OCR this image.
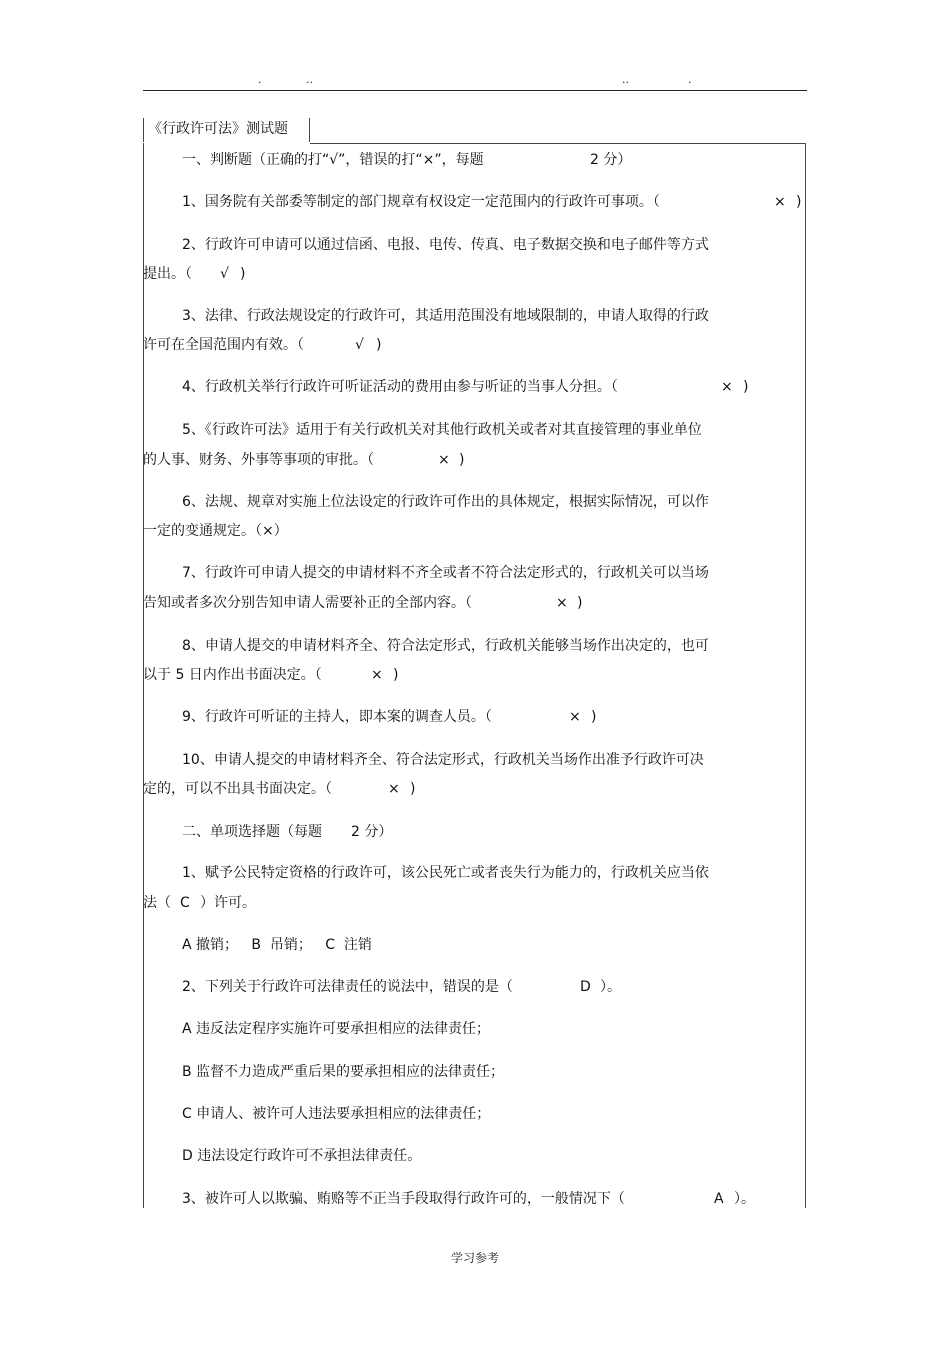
.	..	..	.
《行政许可法》测试题
一、判断题（正确的打“√”，错误的打“×”，每题	2 分）
1、国务院有关部委等制定的部门规章有权设定一定范围内的行政许可事项。（	× )
2、行政许可申请可以通过信函、电报、电传、传真、电子数据交换和电子邮件等方式
提出。（ √ )
3、法律、行政法规设定的行政许可，其适用范围没有地域限制的，申请人取得的行政
许可在全国范围内有效。（	√ )
4、行政机关举行行政许可听证活动的费用由参与听证的当事人分担。（	× )
5、《行政许可法》适用于有关行政机关对其他行政机关或者对其直接管理的事业单位
的人事、财务、外事等事项的审批。（	× )
6、法规、规章对实施上位法设定的行政许可作出的具体规定，根据实际情况，可以作
一定的变通规定。（×）
7、行政许可申请人提交的申请材料不齐全或者不符合法定形式的，行政机关可以当场
告知或者多次分别告知申请人需要补正的全部内容。（	× )
8、申请人提交的申请材料齐全、符合法定形式，行政机关能够当场作出决定的，也可
以于 5 日内作出书面决定。（	× )
9、行政许可听证的主持人，即本案的调查人员。（	× )
10、申请人提交的申请材料齐全、符合法定形式，行政机关当场作出准予行政许可决
定的，可以不出具书面决定。（	× )
二、单项选择题（每题 2 分）
1、赋予公民特定资格的行政许可，该公民死亡或者丧失行为能力的，行政机关应当依
法（ C ）许可。
A 撤销；   B  吊销；   C  注销
2、下列关于行政许可法律责任的说法中，错误的是（	D ）。
A 违反法定程序实施许可要承担相应的法律责任；
B 监督不力造成严重后果的要承担相应的法律责任；
C 申请人、被许可人违法要承担相应的法律责任；
D 违法设定行政许可不承担法律责任。
3、被许可人以欺骗、贿赂等不正当手段取得行政许可的，一般情况下（	A ）。
学习参考
